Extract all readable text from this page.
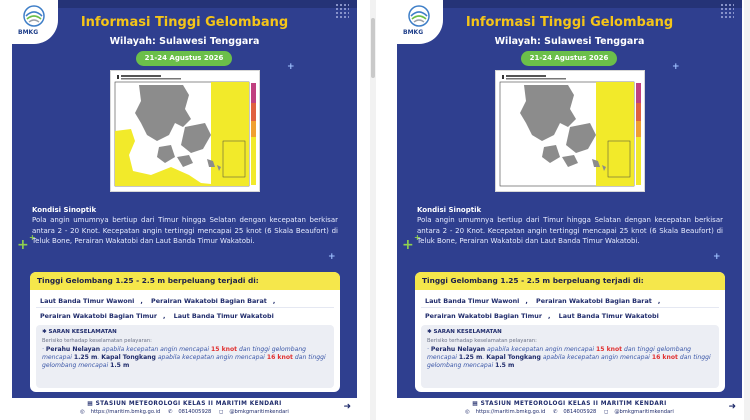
BMKG
Informasi Tinggi Gelombang
Wilayah: Sulawesi Tenggara
21-24 Agustus 2026
+
Kondisi Sinoptik
Pola angin umumnya bertiup dari Timur hingga Selatan dengan kecepatan berkisar antara 2 - 20 Knot. Kecepatan angin tertinggi mencapai 25 knot (6 Skala Beaufort) di Teluk Bone, Perairan Wakatobi dan Laut Banda Timur Wakatobi.
+ +
+
Tinggi Gelombang 1.25 - 2.5 m berpeluang terjadi di:
Laut Banda Timur Wawoni , Perairan Wakatobi Bagian Barat ,
Perairan Wakatobi Bagian Timur , Laut Banda Timur Wakatobi
✱ SARAN KESELAMATAN
Berisiko terhadap keselamatan pelayaran:
· Perahu Nelayan apabila kecepatan angin mencapai 15 knot dan tinggi gelombang mencapai 1.25 m. Kapal Tongkang apabila kecepatan angin mencapai 16 knot dan tinggi gelombang mencapai 1.5 m
▦ STASIUN METEOROLOGI KELAS II MARITIM KENDARI
◎ https://maritim.bmkg.go.id ✆ 0814005928 ◻ @bmkgmaritimkendari	➜
BMKG
Informasi Tinggi Gelombang
Wilayah: Sulawesi Tenggara
21-24 Agustus 2026
+
Kondisi Sinoptik
Pola angin umumnya bertiup dari Timur hingga Selatan dengan kecepatan berkisar antara 2 - 20 Knot. Kecepatan angin tertinggi mencapai 25 knot (6 Skala Beaufort) di Teluk Bone, Perairan Wakatobi dan Laut Banda Timur Wakatobi.
+ +
+
Tinggi Gelombang 1.25 - 2.5 m berpeluang terjadi di:
Laut Banda Timur Wawoni , Perairan Wakatobi Bagian Barat ,
Perairan Wakatobi Bagian Timur , Laut Banda Timur Wakatobi
✱ SARAN KESELAMATAN
Berisiko terhadap keselamatan pelayaran:
· Perahu Nelayan apabila kecepatan angin mencapai 15 knot dan tinggi gelombang mencapai 1.25 m. Kapal Tongkang apabila kecepatan angin mencapai 16 knot dan tinggi gelombang mencapai 1.5 m
▦ STASIUN METEOROLOGI KELAS II MARITIM KENDARI
◎ https://maritim.bmkg.go.id ✆ 0814005928 ◻ @bmkgmaritimkendari	➜
